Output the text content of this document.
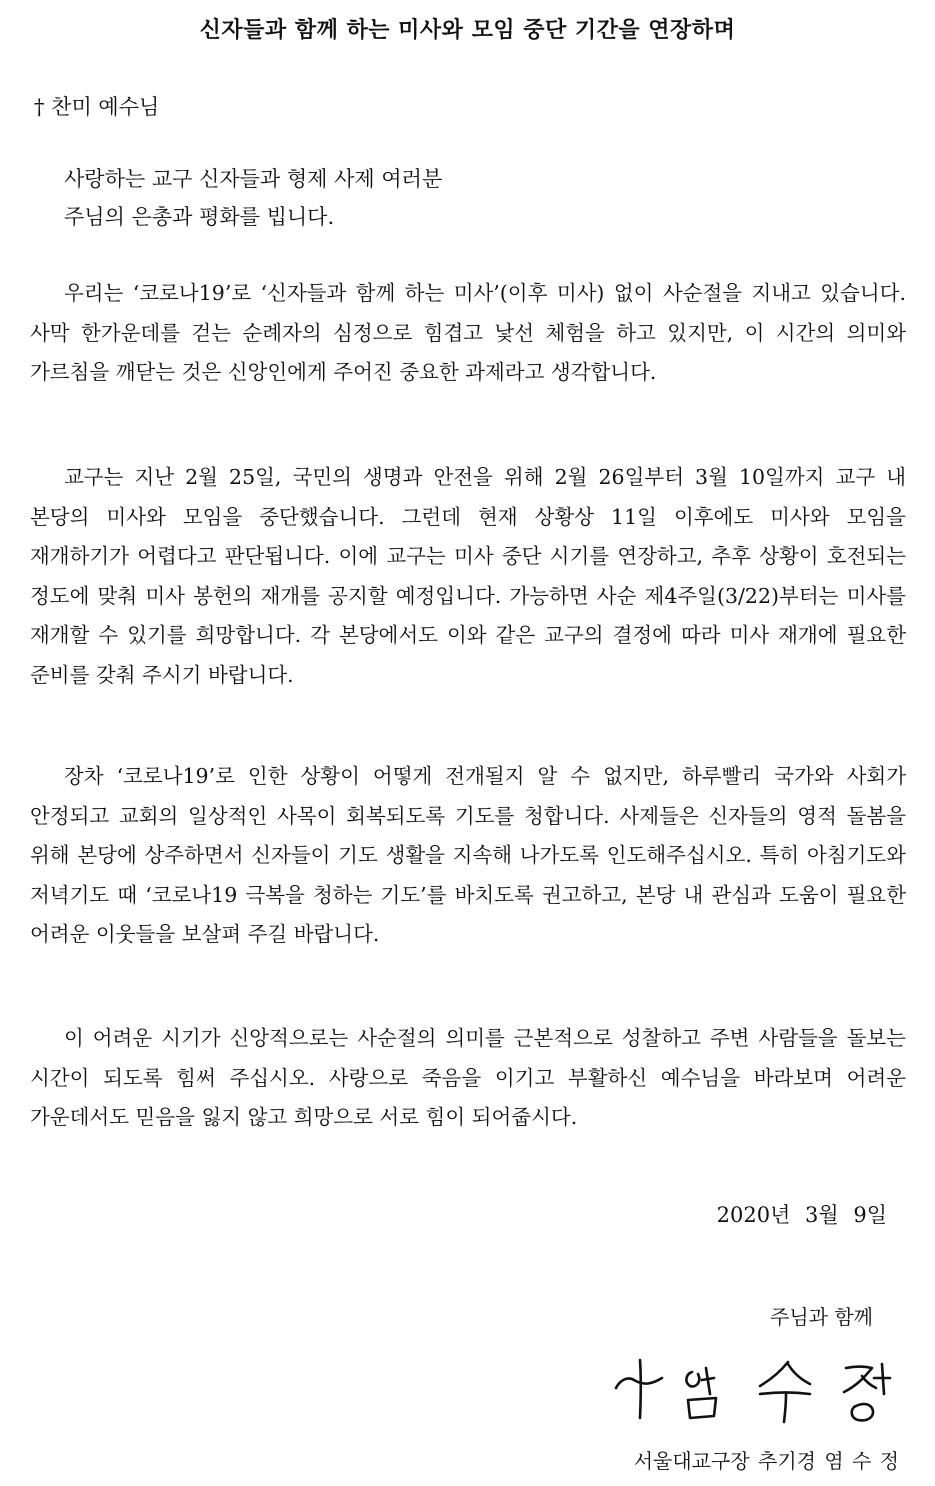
신자들과 함께 하는 미사와 모임 중단 기간을 연장하며
† 찬미 예수님
사랑하는 교구 신자들과 형제 사제 여러분
주님의 은총과 평화를 빕니다.

우리는 ‘코로나19’로 ‘신자들과 함께 하는 미사’(이후 미사) 없이 사순절을 지내고 있습니다. 사막 한가운데를 걷는 순례자의 심정으로 힘겹고 낯선 체험을 하고 있지만, 이 시간의 의미와 가르침을 깨닫는 것은 신앙인에게 주어진 중요한 과제라고 생각합니다.

교구는 지난 2월 25일, 국민의 생명과 안전을 위해 2월 26일부터 3월 10일까지 교구 내 본당의 미사와 모임을 중단했습니다. 그런데 현재 상황상 11일 이후에도 미사와 모임을 재개하기가 어렵다고 판단됩니다. 이에 교구는 미사 중단 시기를 연장하고, 추후 상황이 호전되는 정도에 맞춰 미사 봉헌의 재개를 공지할 예정입니다. 가능하면 사순 제4주일(3/22)부터는 미사를 재개할 수 있기를 희망합니다. 각 본당에서도 이와 같은 교구의 결정에 따라 미사 재개에 필요한 준비를 갖춰 주시기 바랍니다.

장차 ‘코로나19’로 인한 상황이 어떻게 전개될지 알 수 없지만, 하루빨리 국가와 사회가 안정되고 교회의 일상적인 사목이 회복되도록 기도를 청합니다. 사제들은 신자들의 영적 돌봄을 위해 본당에 상주하면서 신자들이 기도 생활을 지속해 나가도록 인도해주십시오. 특히 아침기도와 저녁기도 때 ‘코로나19 극복을 청하는 기도’를 바치도록 권고하고, 본당 내 관심과 도움이 필요한 어려운 이웃들을 보살펴 주길 바랍니다.

이 어려운 시기가 신앙적으로는 사순절의 의미를 근본적으로 성찰하고 주변 사람들을 돌보는 시간이 되도록 힘써 주십시오. 사랑으로 죽음을 이기고 부활하신 예수님을 바라보며 어려운 가운데서도 믿음을 잃지 않고 희망으로 서로 힘이 되어줍시다.

2020년 3월 9일
주님과 함께
서울대교구장 추기경 염 수 정
